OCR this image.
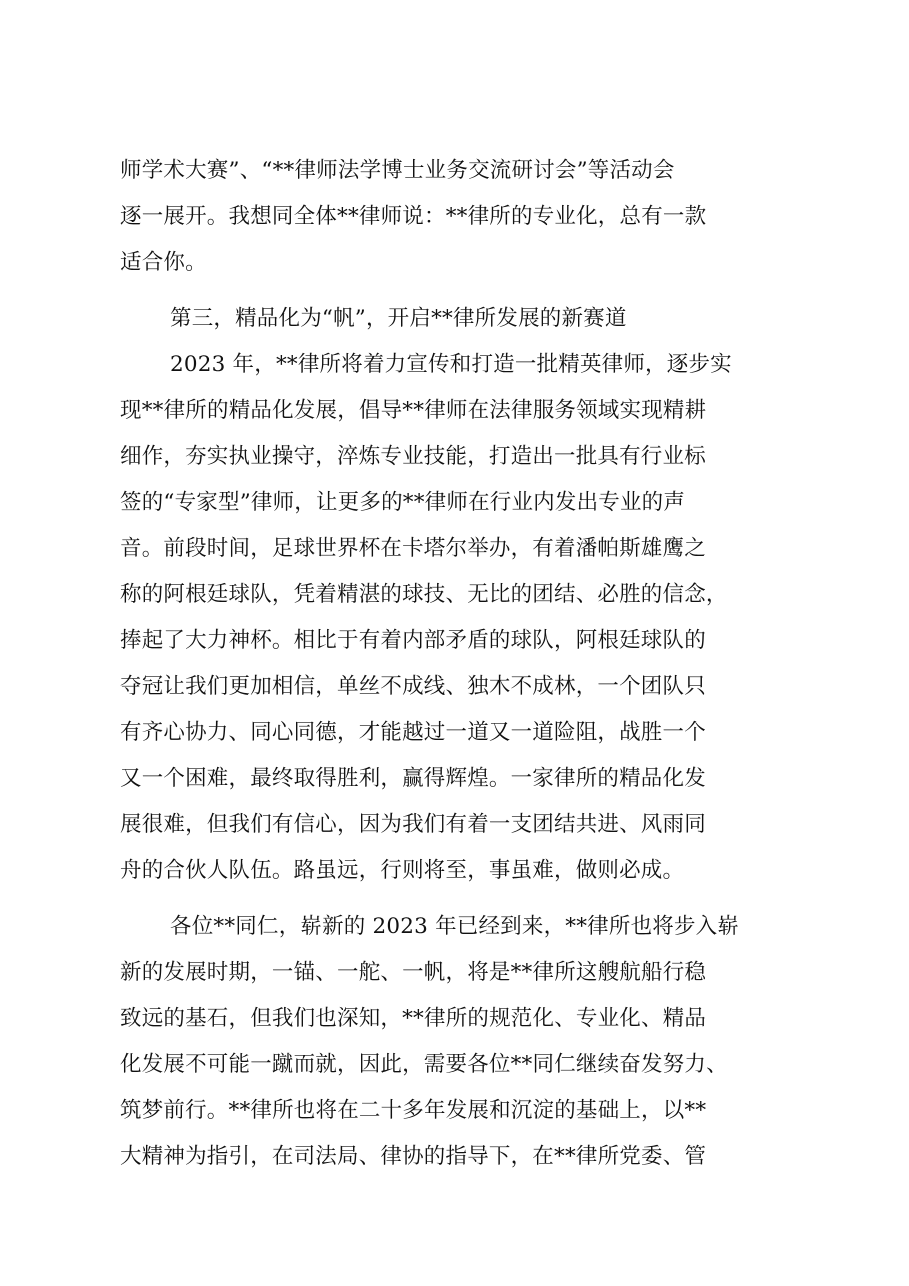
师学术大赛”、“**律师法学博士业务交流研讨会”等活动会
逐一展开。我想同全体**律师说：**律所的专业化，总有一款
适合你。
第三，精品化为“帆”，开启**律所发展的新赛道
2023 年，**律所将着力宣传和打造一批精英律师，逐步实
现**律所的精品化发展，倡导**律师在法律服务领域实现精耕
细作，夯实执业操守，淬炼专业技能，打造出一批具有行业标
签的“专家型”律师，让更多的**律师在行业内发出专业的声
音。前段时间，足球世界杯在卡塔尔举办，有着潘帕斯雄鹰之
称的阿根廷球队，凭着精湛的球技、无比的团结、必胜的信念，
捧起了大力神杯。相比于有着内部矛盾的球队，阿根廷球队的
夺冠让我们更加相信，单丝不成线、独木不成林，一个团队只
有齐心协力、同心同德，才能越过一道又一道险阻，战胜一个
又一个困难，最终取得胜利，赢得辉煌。一家律所的精品化发
展很难，但我们有信心，因为我们有着一支团结共进、风雨同
舟的合伙人队伍。路虽远，行则将至，事虽难，做则必成。
各位**同仁，崭新的 2023 年已经到来，**律所也将步入崭
新的发展时期，一锚、一舵、一帆，将是**律所这艘航船行稳
致远的基石，但我们也深知，**律所的规范化、专业化、精品
化发展不可能一蹴而就，因此，需要各位**同仁继续奋发努力、
筑梦前行。**律所也将在二十多年发展和沉淀的基础上，以**
大精神为指引，在司法局、律协的指导下，在**律所党委、管
